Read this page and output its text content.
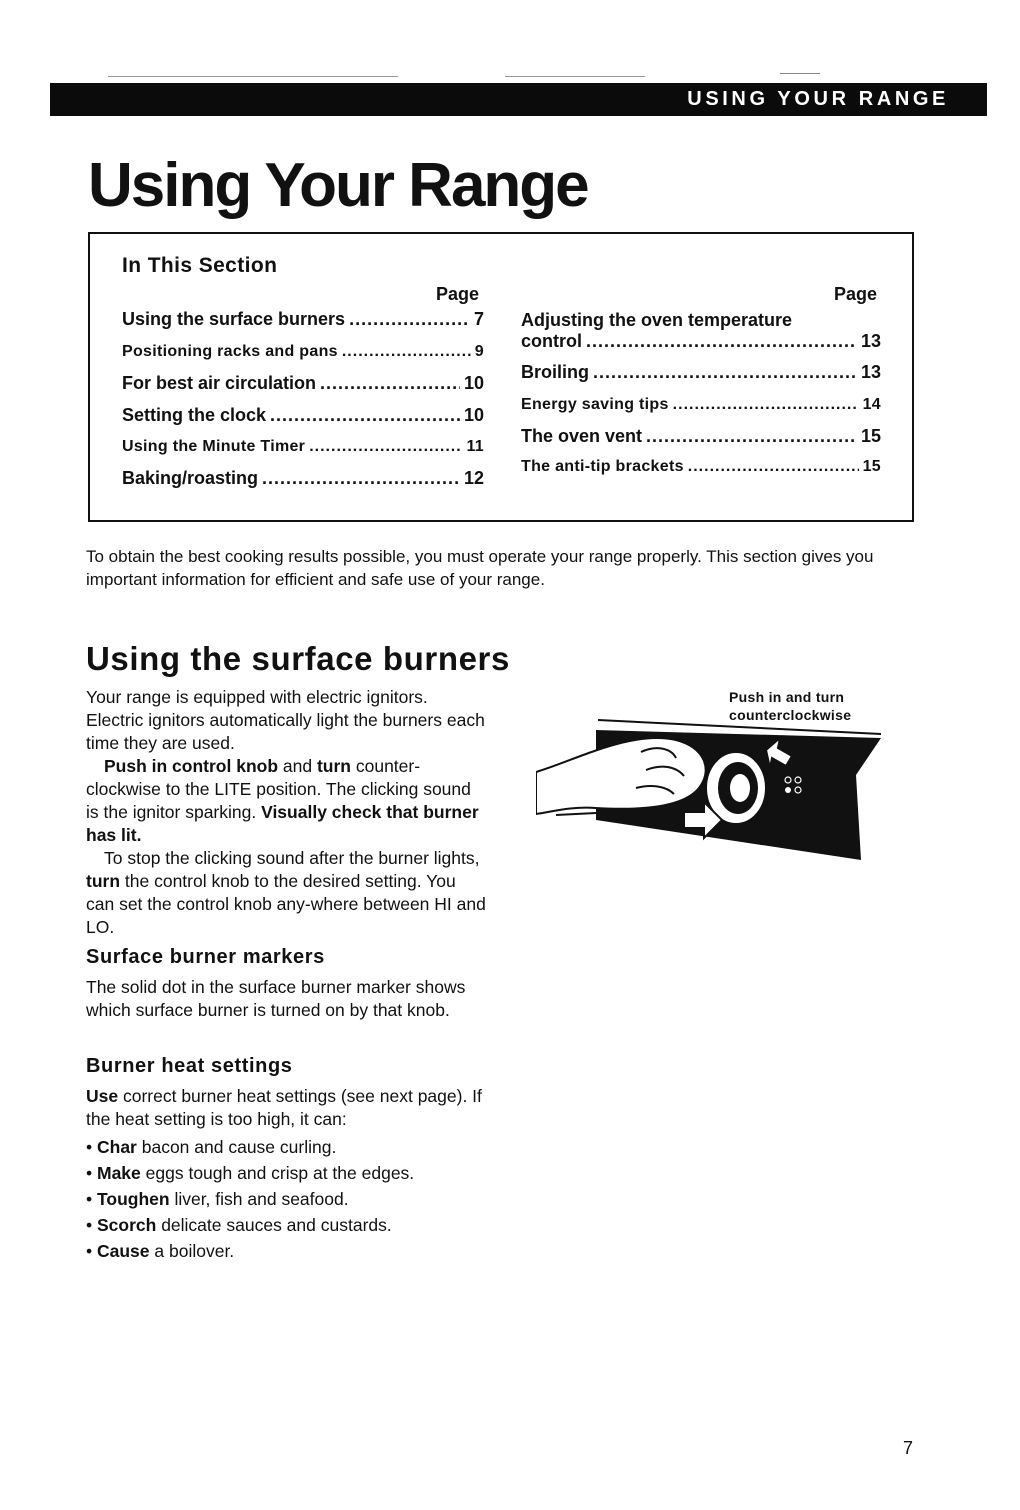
USING YOUR RANGE
Using Your Range
In This Section
Page	Page
Using the surface burners .....	7
Positioning racks and pans .....	9
For best air circulation .....	10
Setting the clock .....	10
Using the Minute Timer .....	11
Baking/roasting .....	12
Adjusting the oven temperature
control .....	13
Broiling .....	13
Energy saving tips .....	14
The oven vent .....	15
The anti-tip brackets .....	15
To obtain the best cooking results possible, you must operate your range properly. This section gives you important information for efficient and safe use of your range.
Using the surface burners

Your range is equipped with electric ignitors. Electric ignitors automatically light the burners each time they are used.

Push in control knob and turn counter-clockwise to the LITE position. The clicking sound is the ignitor sparking. Visually check that burner has lit.

To stop the clicking sound after the burner lights, turn the control knob to the desired setting. You can set the control knob any-where between HI and LO.

Surface burner markers
The solid dot in the surface burner marker shows which surface burner is turned on by that knob.
Burner heat settings
Use correct burner heat settings (see next page). If the heat setting is too high, it can:
• Char bacon and cause curling.
• Make eggs tough and crisp at the edges.
• Toughen liver, fish and seafood.
• Scorch delicate sauces and custards.
• Cause a boilover.
Push in and turn
counterclockwise
7
